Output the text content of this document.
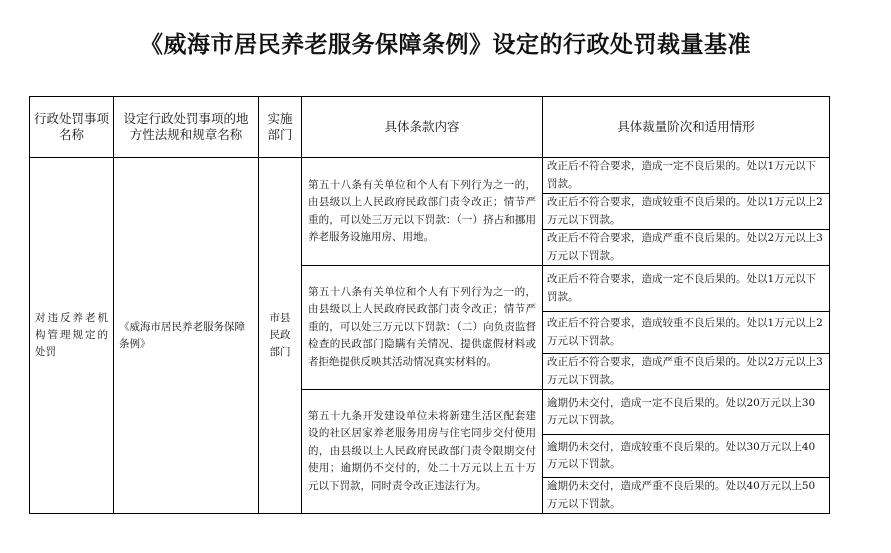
《威海市居民养老服务保障条例》设定的行政处罚裁量基准
行政处罚事项名称	设定行政处罚事项的地方性法规和规章名称	实施部门	具体条款内容	具体裁量阶次和适用情形
对违反养老机构管理规定的处罚	《威海市居民养老服务保障条例》	市县民政部门	第五十八条有关单位和个人有下列行为之一的，由县级以上人民政府民政部门责令改正；情节严重的，可以处三万元以下罚款：（一）挤占和挪用养老服务设施用房、用地。	改正后不符合要求，造成一定不良后果的。处以1万元以下罚款。
				改正后不符合要求，造成较重不良后果的。处以1万元以上2万元以下罚款。
				改正后不符合要求，造成严重不良后果的。处以2万元以上3万元以下罚款。
			第五十八条有关单位和个人有下列行为之一的，由县级以上人民政府民政部门责令改正；情节严重的，可以处三万元以下罚款：（二）向负责监督检查的民政部门隐瞒有关情况、提供虚假材料或者拒绝提供反映其活动情况真实材料的。	改正后不符合要求，造成一定不良后果的。处以1万元以下罚款。
				改正后不符合要求，造成较重不良后果的。处以1万元以上2万元以下罚款。
				改正后不符合要求，造成严重不良后果的。处以2万元以上3万元以下罚款。
			第五十九条开发建设单位未将新建生活区配套建设的社区居家养老服务用房与住宅同步交付使用的，由县级以上人民政府民政部门责令限期交付使用；逾期仍不交付的，处二十万元以上五十万元以下罚款，同时责令改正违法行为。	逾期仍未交付，造成一定不良后果的。处以20万元以上30万元以下罚款。
				逾期仍未交付，造成较重不良后果的。处以30万元以上40万元以下罚款。
				逾期仍未交付，造成严重不良后果的。处以40万元以上50万元以下罚款。
